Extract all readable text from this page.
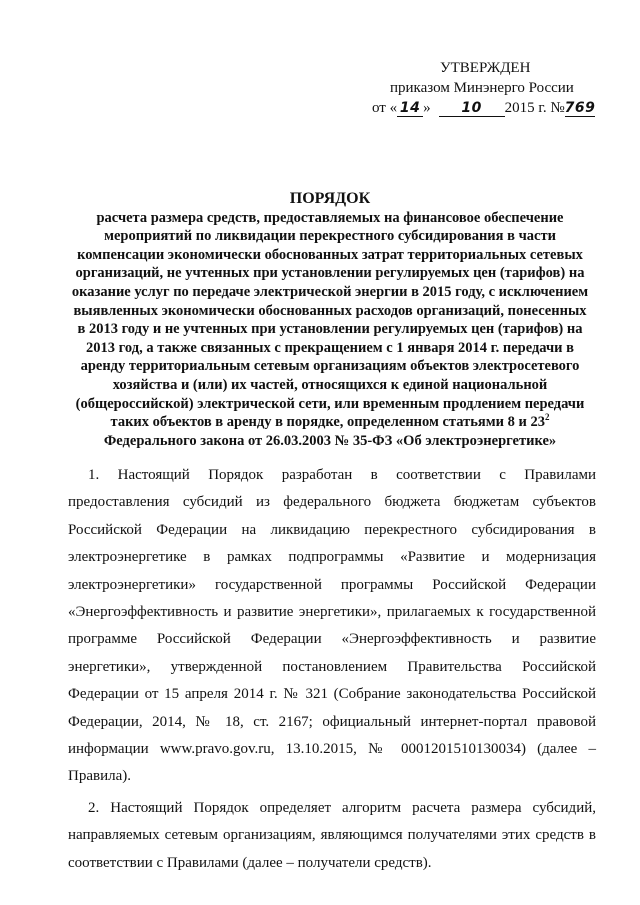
УТВЕРЖДЕН
приказом Минэнерго России
от « 14 » 10 2015 г. №769
ПОРЯДОК
расчета размера средств, предоставляемых на финансовое обеспечение мероприятий по ликвидации перекрестного субсидирования в части компенсации экономически обоснованных затрат территориальных сетевых организаций, не учтенных при установлении регулируемых цен (тарифов) на оказание услуг по передаче электрической энергии в 2015 году, с исключением выявленных экономически обоснованных расходов организаций, понесенных в 2013 году и не учтенных при установлении регулируемых цен (тарифов) на 2013 год, а также связанных с прекращением с 1 января 2014 г. передачи в аренду территориальным сетевым организациям объектов электросетевого хозяйства и (или) их частей, относящихся к единой национальной (общероссийской) электрической сети, или временным продлением передачи таких объектов в аренду в порядке, определенном статьями 8 и $23^2$ Федерального закона от 26.03.2003 № 35-ФЗ «Об электроэнергетике»

1. Настоящий Порядок разработан в соответствии с Правилами предоставления субсидий из федерального бюджета бюджетам субъектов Российской Федерации на ликвидацию перекрестного субсидирования в электроэнергетике в рамках подпрограммы «Развитие и модернизация электроэнергетики» государственной программы Российской Федерации «Энергоэффективность и развитие энергетики», прилагаемых к государственной программе Российской Федерации «Энергоэффективность и развитие энергетики», утвержденной постановлением Правительства Российской Федерации от 15 апреля 2014 г. № 321 (Собрание законодательства Российской Федерации, 2014, № 18, ст. 2167; официальный интернет-портал правовой информации www.pravo.gov.ru, 13.10.2015, № 0001201510130034) (далее – Правила).

2. Настоящий Порядок определяет алгоритм расчета размера субсидий, направляемых сетевым организациям, являющимся получателями этих средств в соответствии с Правилами (далее – получатели средств).
